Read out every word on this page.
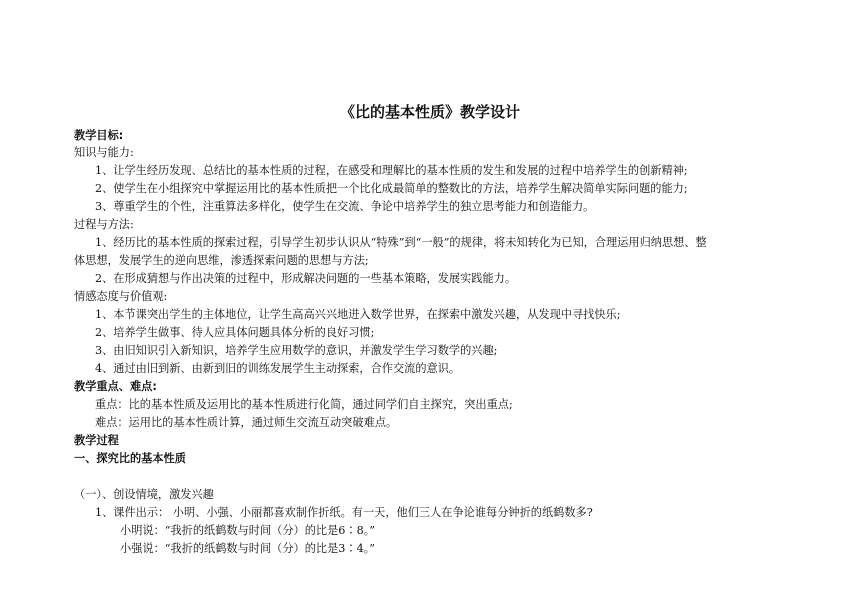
《比的基本性质》教学设计
教学目标:
知识与能力:
1、让学生经历发现、总结比的基本性质的过程，在感受和理解比的基本性质的发生和发展的过程中培养学生的创新精神;
2、使学生在小组探究中掌握运用比的基本性质把一个比化成最简单的整数比的方法，培养学生解决简单实际问题的能力;
3、尊重学生的个性，注重算法多样化，使学生在交流、争论中培养学生的独立思考能力和创造能力。
过程与方法:
1、经历比的基本性质的探索过程，引导学生初步认识从“特殊”到“一般”的规律，将未知转化为已知，合理运用归纳思想、整
体思想，发展学生的逆向思维，渗透探索问题的思想与方法;
2、在形成猜想与作出决策的过程中，形成解决问题的一些基本策略，发展实践能力。
情感态度与价值观:
1、本节课突出学生的主体地位，让学生高高兴兴地进入数学世界，在探索中激发兴趣，从发现中寻找快乐;
2、培养学生做事、待人应具体问题具体分析的良好习惯;
3、由旧知识引入新知识，培养学生应用数学的意识，并激发学生学习数学的兴趣;
4、通过由旧到新、由新到旧的训练发展学生主动探索，合作交流的意识。
教学重点、难点:
重点：比的基本性质及运用比的基本性质进行化简，通过同学们自主探究，突出重点;
难点：运用比的基本性质计算，通过师生交流互动突破难点。
教学过程
一、探究比的基本性质
（一）、创设情境，激发兴趣
1、课件出示： 小明、小强、小丽都喜欢制作折纸。有一天，他们三人在争论谁每分钟折的纸鹤数多?
小明说：“我折的纸鹤数与时间（分）的比是6∶8。”
小强说：“我折的纸鹤数与时间（分）的比是3∶4。”
